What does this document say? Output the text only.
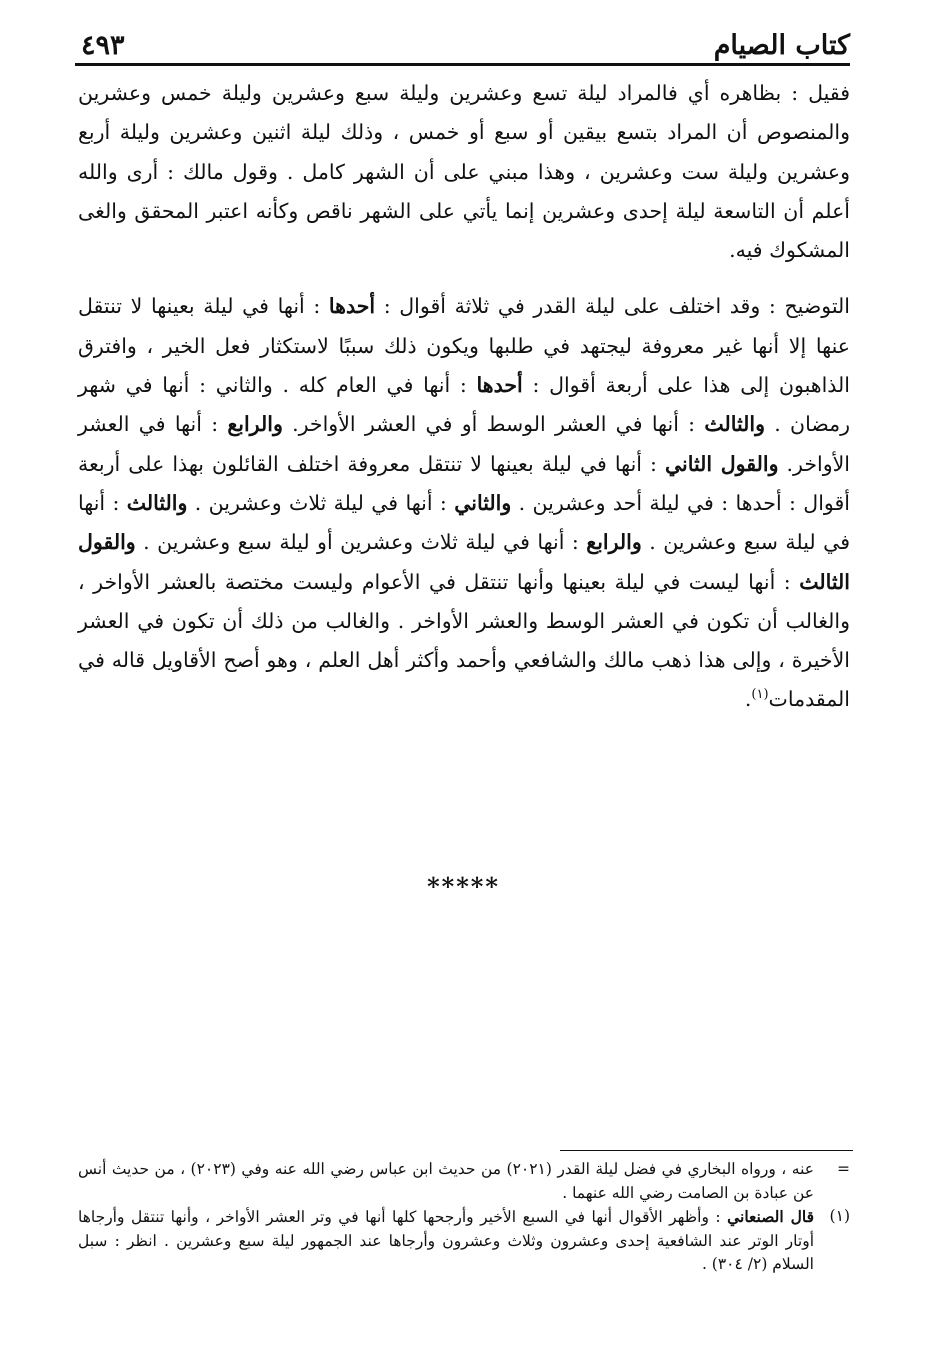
كتاب الصيام
٤٩٣

فقيل : بظاهره أي فالمراد ليلة تسع وعشرين وليلة سبع وعشرين وليلة خمس وعشرين والمنصوص أن المراد بتسع بيقين أو سبع أو خمس ، وذلك ليلة اثنين وعشرين وليلة أربع وعشرين وليلة ست وعشرين ، وهذا مبني على أن الشهر كامل . وقول مالك : أرى والله أعلم أن التاسعة ليلة إحدى وعشرين إنما يأتي على الشهر ناقص وكأنه اعتبر المحقق والغى المشكوك فيه.

التوضيح : وقد اختلف على ليلة القدر في ثلاثة أقوال : أحدها : أنها في ليلة بعينها لا تنتقل عنها إلا أنها غير معروفة ليجتهد في طلبها ويكون ذلك سببًا لاستكثار فعل الخير ، وافترق الذاهبون إلى هذا على أربعة أقوال : أحدها : أنها في العام كله . والثاني : أنها في شهر رمضان . والثالث : أنها في العشر الوسط أو في العشر الأواخر. والرابع : أنها في العشر الأواخر. والقول الثاني : أنها في ليلة بعينها لا تنتقل معروفة اختلف القائلون بهذا على أربعة أقوال : أحدها : في ليلة أحد وعشرين . والثاني : أنها في ليلة ثلاث وعشرين . والثالث : أنها في ليلة سبع وعشرين . والرابع : أنها في ليلة ثلاث وعشرين أو ليلة سبع وعشرين . والقول الثالث : أنها ليست في ليلة بعينها وأنها تنتقل في الأعوام وليست مختصة بالعشر الأواخر ، والغالب أن تكون في العشر الوسط والعشر الأواخر . والغالب من ذلك أن تكون في العشر الأخيرة ، وإلى هذا ذهب مالك والشافعي وأحمد وأكثر أهل العلم ، وهو أصح الأقاويل قاله في المقدمات$^{(١)}$.

*****
=
عنه ، ورواه البخاري في فضل ليلة القدر (٢٠٢١) من حديث ابن عباس رضي الله عنه وفي (٢٠٢٣) ، من حديث أنس عن عبادة بن الصامت رضي الله عنهما .
(١)
قال الصنعاني : وأظهر الأقوال أنها في السبع الأخير وأرجحها كلها أنها في وتر العشر الأواخر ، وأنها تنتقل وأرجاها أوتار الوتر عند الشافعية إحدى وعشرون وثلاث وعشرون وأرجاها عند الجمهور ليلة سبع وعشرين . انظر : سبل السلام (٢/ ٣٠٤) .
